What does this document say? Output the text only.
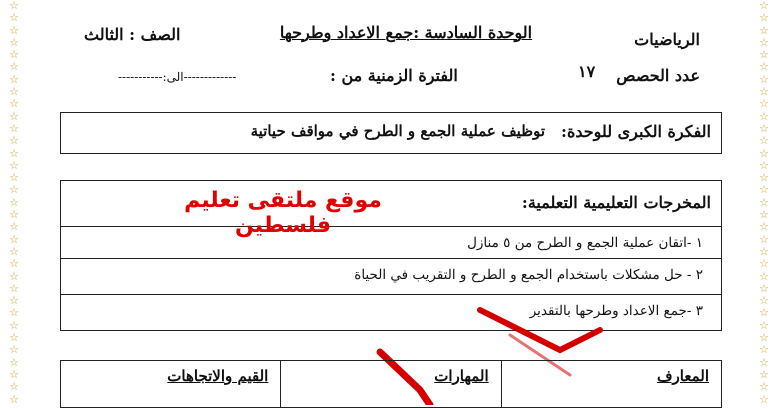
☆
☆
☆
☆
☆
☆
☆
☆
☆
☆
☆
☆
☆
☆
☆
☆
☆
☆
☆
☆
☆
☆
☆
☆
☆
☆
☆
☆
☆
☆
☆
☆
☆
☆
☆
☆
☆
☆
☆
☆
☆
☆
☆
☆
☆
☆
☆
☆
☆
☆
☆
☆
☆
☆
☆
☆
☆
☆
☆
☆
☆
☆
☆
☆
☆
☆
الرياضيات
الوحدة السادسة :جمع الاعداد وطرحها
الصف : الثالث
عدد الحصص
١٧
الفترة الزمنية من :
-------------الى:-----------
الفكرة الكبرى للوحدة:
توظيف عملية الجمع و الطرح في مواقف حياتية
المخرجات التعليمية التعلمية:
موقع ملتقى تعليم فلسطين
١ -اتقان عملية الجمع و الطرح من ٥ منازل
٢ - حل مشكلات باستخدام الجمع و الطرح و التقريب في الحياة
٣ -جمع الاعداد وطرحها بالتقدير
المعارف
المهارات
القيم والاتجاهات
